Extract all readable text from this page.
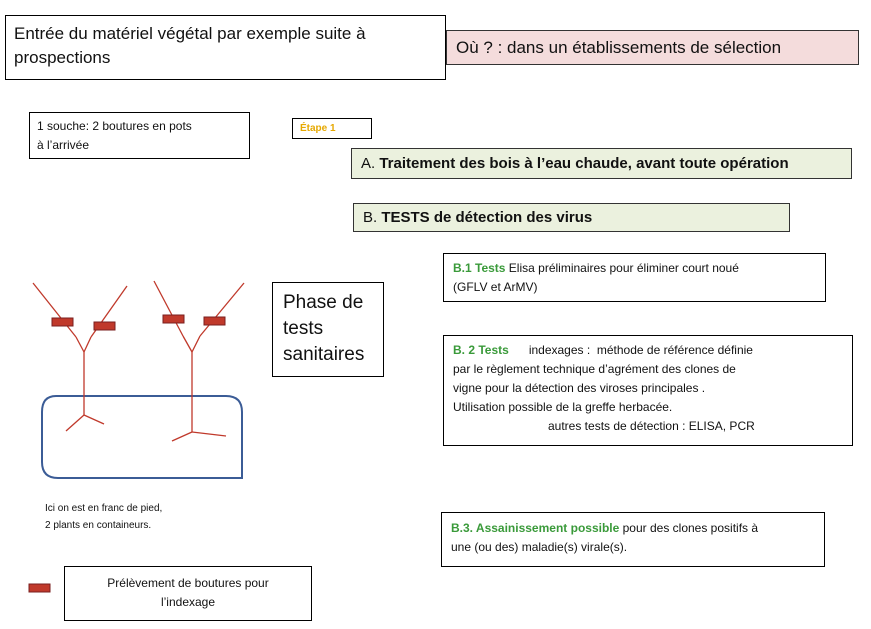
Entrée du matériel végétal par exemple suite à
prospections
Où ? : dans un établissements de sélection
1 souche: 2 boutures en pots
à l’arrivée
Étape 1
A. Traitement des bois à l’eau chaude, avant toute opération
B. TESTS de détection des virus
Phase de
tests
sanitaires
B.1 Tests Elisa préliminaires pour éliminer court noué
(GFLV et ArMV)
B. 2 Tests      indexages :  méthode de référence définie
par le règlement technique d’agrément des clones de
vigne pour la détection des viroses principales .
Utilisation possible de la greffe herbacée.
autres tests de détection : ELISA, PCR
B.3. Assainissement possible pour des clones positifs à
une (ou des) maladie(s) virale(s).
Ici on est en franc de pied,
2 plants en containeurs.
Prélèvement de boutures pour
l’indexage
